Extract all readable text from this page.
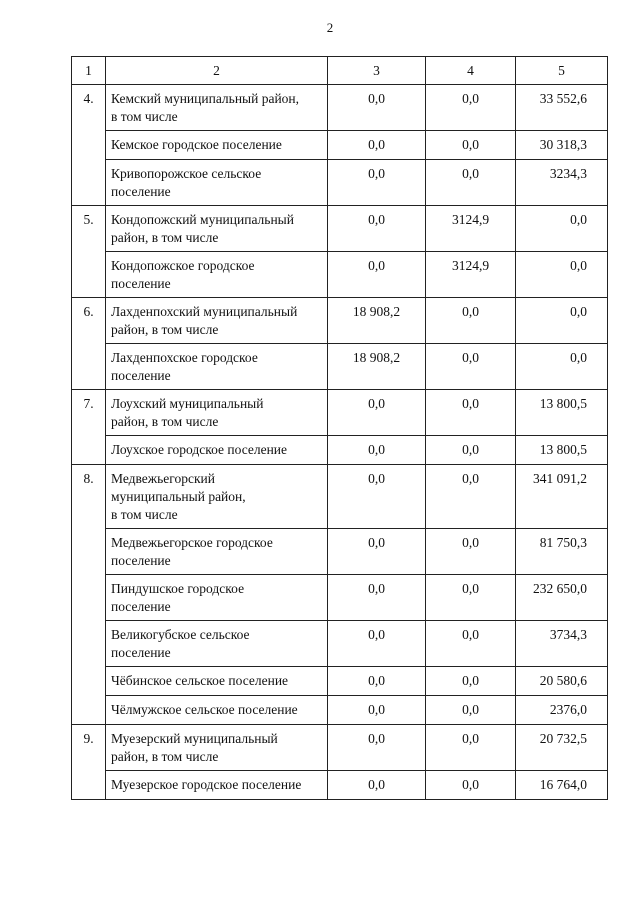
2
1	2	3	4	5
4.	Кемский муниципальный район,
в том числе	0,0	0,0	33 552,6
	Кемское городское поселение	0,0	0,0	30 318,3
	Кривопорожское сельское
поселение	0,0	0,0	3234,3
5.	Кондопожский муниципальный
район, в том числе	0,0	3124,9	0,0
	Кондопожское городское
поселение	0,0	3124,9	0,0
6.	Лахденпохский муниципальный
район, в том числе	18 908,2	0,0	0,0
	Лахденпохское городское
поселение	18 908,2	0,0	0,0
7.	Лоухский муниципальный
район, в том числе	0,0	0,0	13 800,5
	Лоухское городское поселение	0,0	0,0	13 800,5
8.	Медвежьегорский
муниципальный район,
в том числе	0,0	0,0	341 091,2
	Медвежьегорское городское
поселение	0,0	0,0	81 750,3
	Пиндушское городское
поселение	0,0	0,0	232 650,0
	Великогубское сельское
поселение	0,0	0,0	3734,3
	Чёбинское сельское поселение	0,0	0,0	20 580,6
	Чёлмужское сельское поселение	0,0	0,0	2376,0
9.	Муезерский муниципальный
район, в том числе	0,0	0,0	20 732,5
	Муезерское городское поселение	0,0	0,0	16 764,0
